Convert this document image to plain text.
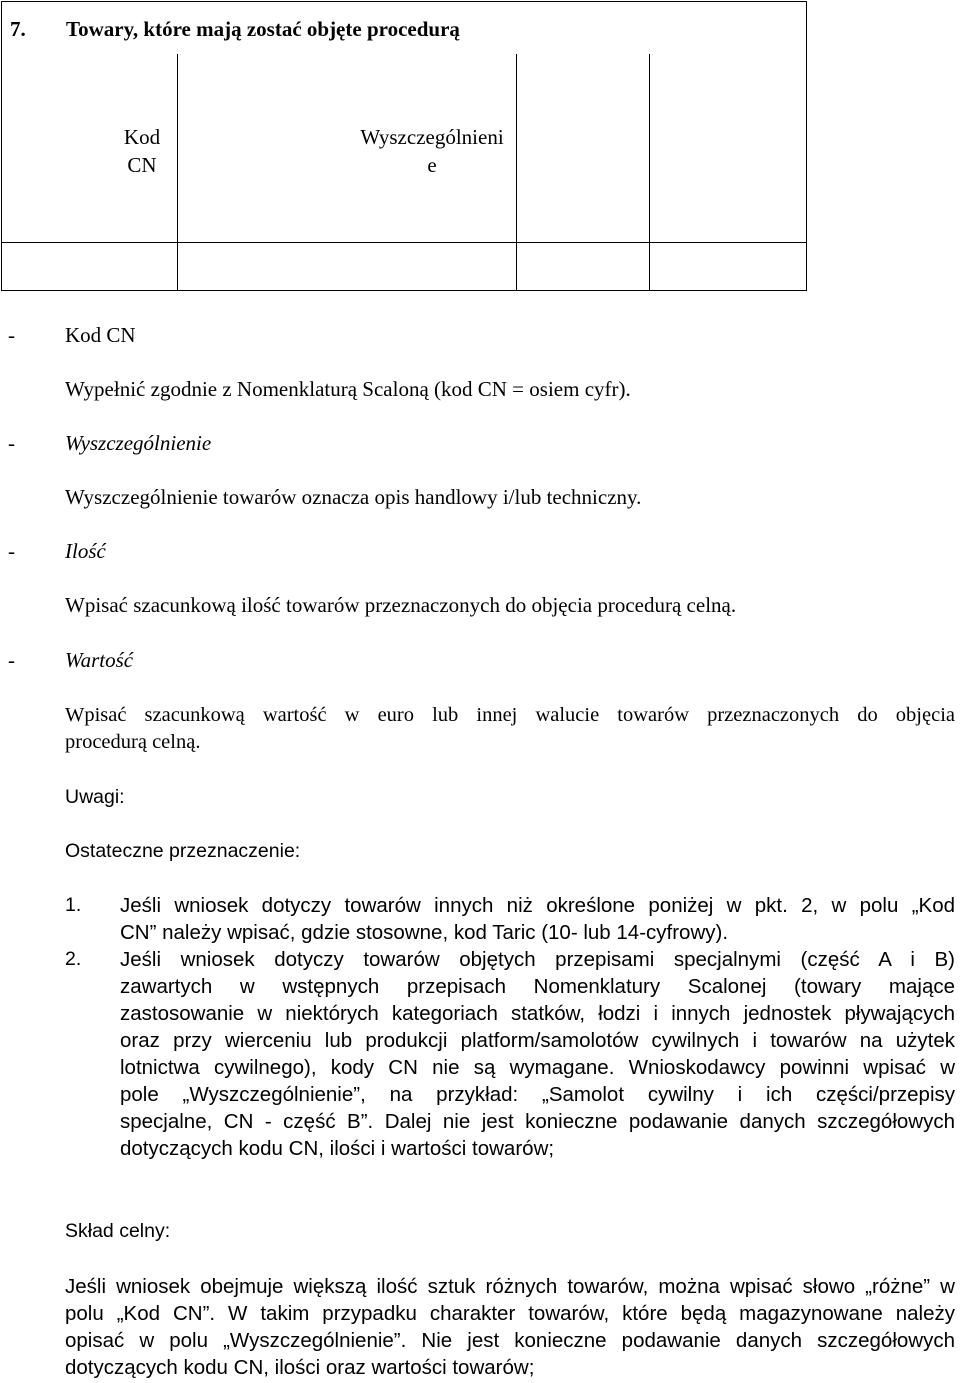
7. Towary, które mają zostać objęte procedurą
Kod
CN
Wyszczególnieni
e
- Kod CN
Wypełnić zgodnie z Nomenklaturą Scaloną (kod CN = osiem cyfr).
- Wyszczególnienie
Wyszczególnienie towarów oznacza opis handlowy i/lub techniczny.
- Ilość
Wpisać szacunkową ilość towarów przeznaczonych do objęcia procedurą celną.
- Wartość
Wpisać szacunkową wartość w euro lub innej walucie towarów przeznaczonych do objęcia
procedurą celną.
Uwagi:
Ostateczne przeznaczenie:
1. Jeśli wniosek dotyczy towarów innych niż określone poniżej w pkt. 2, w polu „Kod
CN” należy wpisać, gdzie stosowne, kod Taric (10- lub 14-cyfrowy).
2. Jeśli wniosek dotyczy towarów objętych przepisami specjalnymi (część A i B)
zawartych w wstępnych przepisach Nomenklatury Scalonej (towary mające
zastosowanie w niektórych kategoriach statków, łodzi i innych jednostek pływających
oraz przy wierceniu lub produkcji platform/samolotów cywilnych i towarów na użytek
lotnictwa cywilnego), kody CN nie są wymagane. Wnioskodawcy powinni wpisać w
pole „Wyszczególnienie”, na przykład: „Samolot cywilny i ich części/przepisy
specjalne, CN - część B”. Dalej nie jest konieczne podawanie danych szczegółowych
dotyczących kodu CN, ilości i wartości towarów;
Skład celny:
Jeśli wniosek obejmuje większą ilość sztuk różnych towarów, można wpisać słowo „różne” w
polu „Kod CN”. W takim przypadku charakter towarów, które będą magazynowane należy
opisać w polu „Wyszczególnienie”. Nie jest konieczne podawanie danych szczegółowych
dotyczących kodu CN, ilości oraz wartości towarów;
